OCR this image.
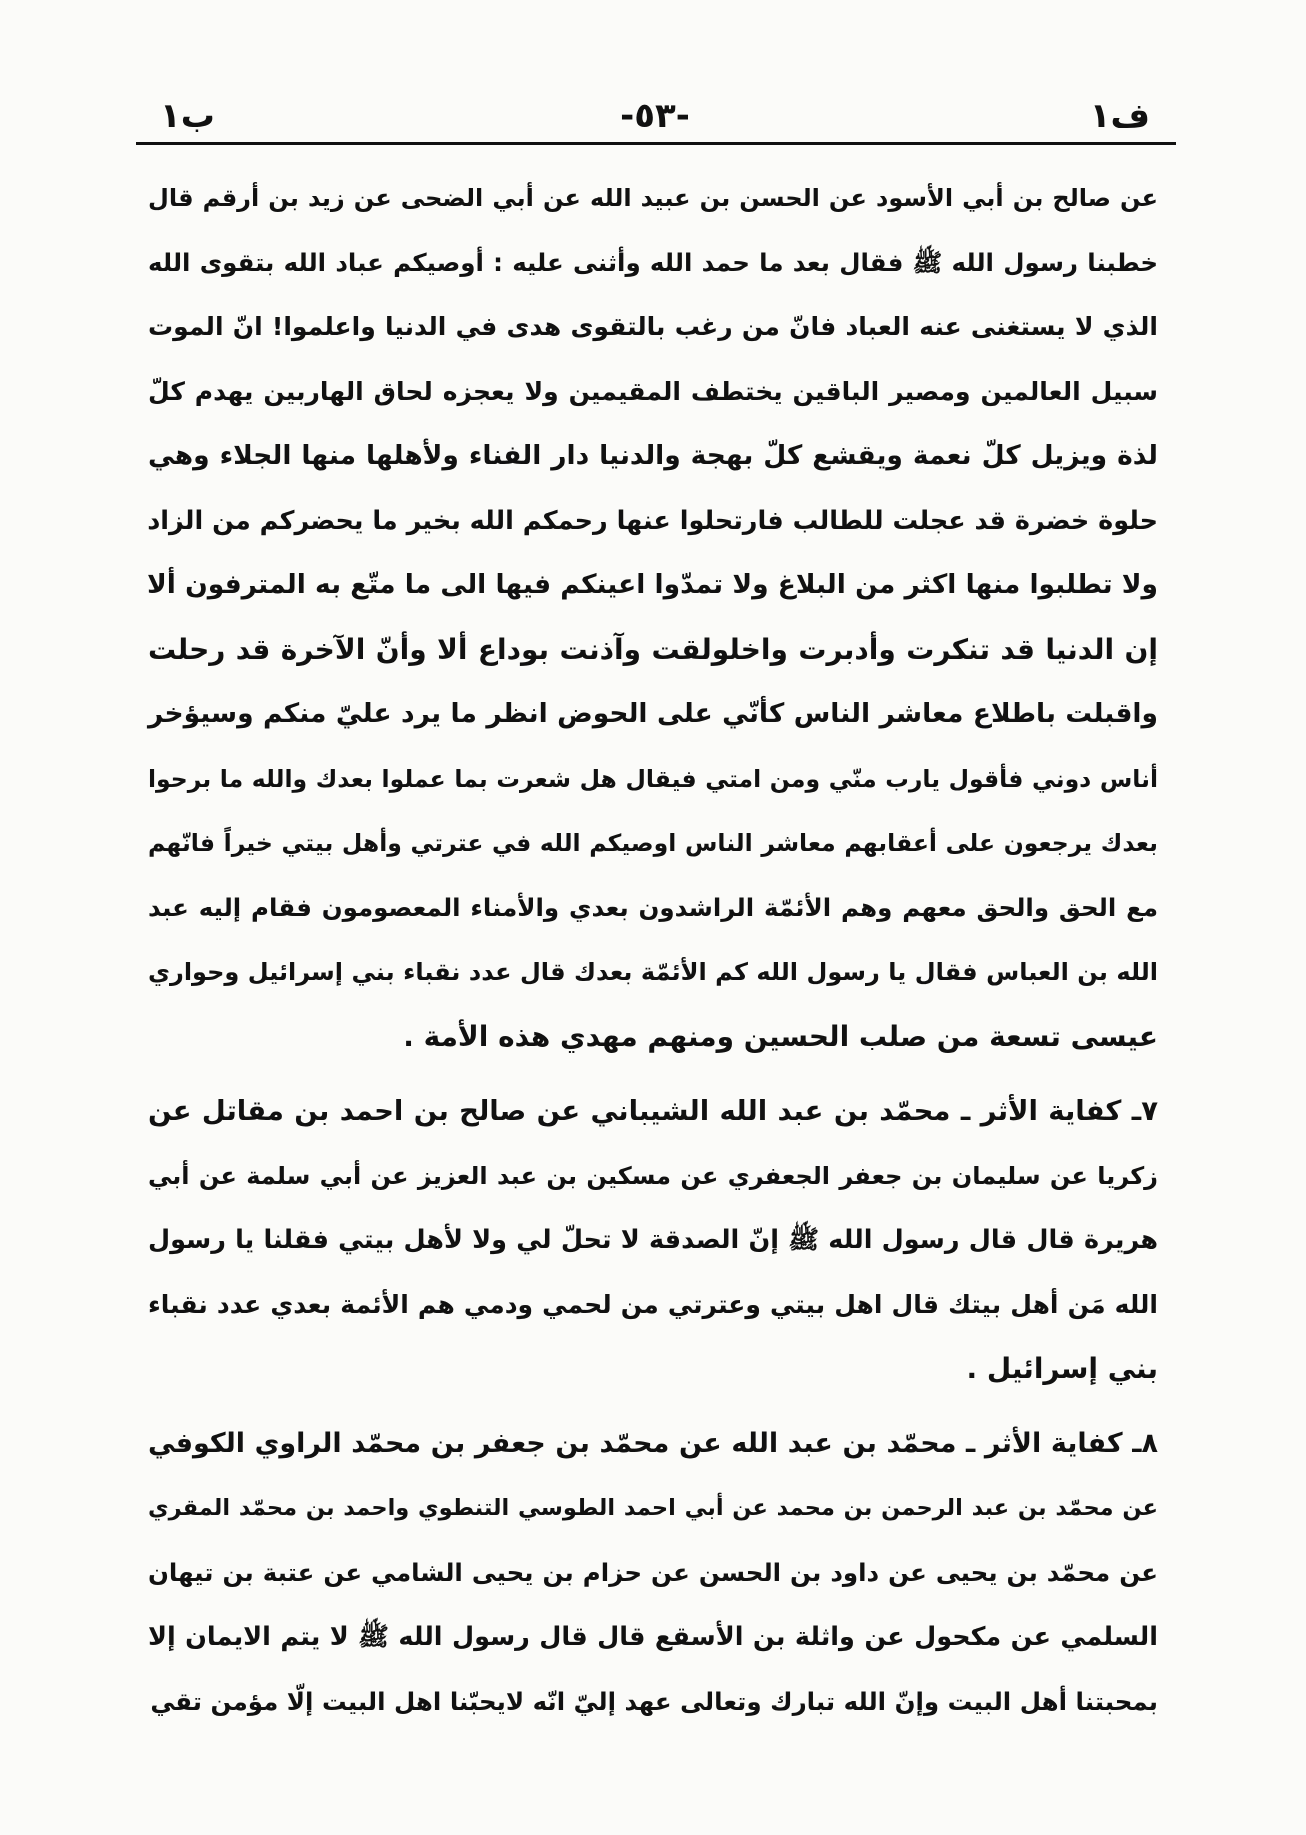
ف١
-٥٣-
ب١
عن صالح بن أبي الأسود عن الحسن بن عبيد الله عن أبي الضحى عن زيد بن أرقم قال
خطبنا رسول الله ﷺ فقال بعد ما حمد الله وأثنى عليه : أوصيكم عباد الله بتقوى الله
الذي لا يستغنى عنه العباد فانّ من رغب بالتقوى هدى في الدنيا واعلموا! انّ الموت
سبيل العالمين ومصير الباقين يختطف المقيمين ولا يعجزه لحاق الهاربين يهدم كلّ
لذة ويزيل كلّ نعمة ويقشع كلّ بهجة والدنيا دار الفناء ولأهلها منها الجلاء وهي
حلوة خضرة قد عجلت للطالب فارتحلوا عنها رحمكم الله بخير ما يحضركم من الزاد
ولا تطلبوا منها اكثر من البلاغ ولا تمدّوا اعينكم فيها الى ما متّع به المترفون ألا
إن الدنيا قد تنكرت وأدبرت واخلولقت وآذنت بوداع ألا وأنّ الآخرة قد رحلت
واقبلت باطلاع معاشر الناس كأنّي على الحوض انظر ما يرد عليّ منكم وسيؤخر
أناس دوني فأقول يارب منّي ومن امتي فيقال هل شعرت بما عملوا بعدك والله ما برحوا
بعدك يرجعون على أعقابهم معاشر الناس اوصيكم الله في عترتي وأهل بيتي خيراً فانّهم
مع الحق والحق معهم وهم الأئمّة الراشدون بعدي والأمناء المعصومون فقام إليه عبد
الله بن العباس فقال يا رسول الله كم الأئمّة بعدك قال عدد نقباء بني إسرائيل وحواري
عيسى تسعة من صلب الحسين ومنهم مهدي هذه الأمة .
٧ـ كفاية الأثر ـ محمّد بن عبد الله الشيباني عن صالح بن احمد بن مقاتل عن
زكريا عن سليمان بن جعفر الجعفري عن مسكين بن عبد العزيز عن أبي سلمة عن أبي
هريرة قال قال رسول الله ﷺ إنّ الصدقة لا تحلّ لي ولا لأهل بيتي فقلنا يا رسول
الله مَن أهل بيتك قال اهل بيتي وعترتي من لحمي ودمي هم الأئمة بعدي عدد نقباء
بني إسرائيل .
٨ـ كفاية الأثر ـ محمّد بن عبد الله عن محمّد بن جعفر بن محمّد الراوي الكوفي
عن محمّد بن عبد الرحمن بن محمد عن أبي احمد الطوسي التنطوي واحمد بن محمّد المقري
عن محمّد بن يحيى عن داود بن الحسن عن حزام بن يحيى الشامي عن عتبة بن تيهان
السلمي عن مكحول عن واثلة بن الأسقع قال قال رسول الله ﷺ لا يتم الايمان إلا
بمحبتنا أهل البيت وإنّ الله تبارك وتعالى عهد إليّ انّه لايحبّنا اهل البيت إلّا مؤمن تقي
